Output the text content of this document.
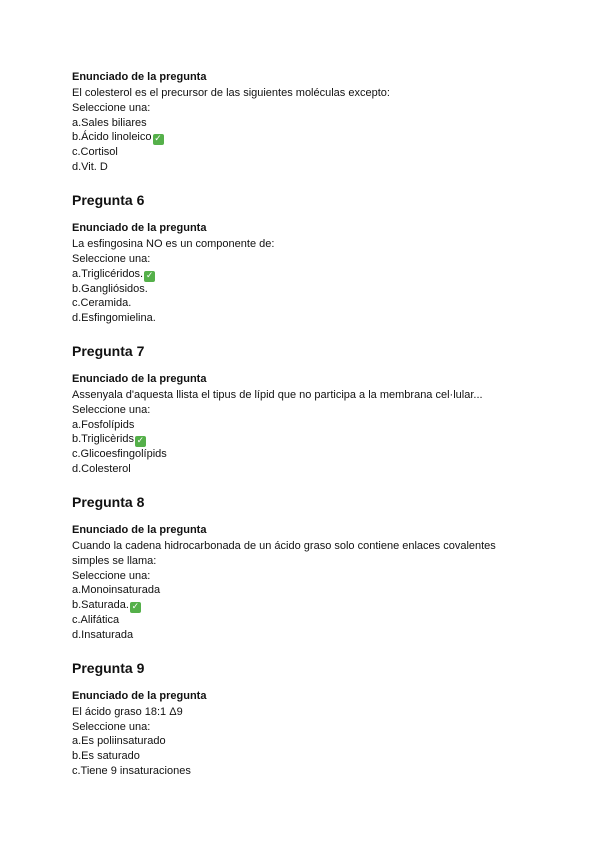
Enunciado de la pregunta
El colesterol es el precursor de las siguientes moléculas excepto:
Seleccione una:
a.Sales biliares
b.Ácido linoleico ✓
c.Cortisol
d.Vit. D
Pregunta 6
Enunciado de la pregunta
La esfingosina NO es un componente de:
Seleccione una:
a.Triglicéridos. ✓
b.Gangliósidos.
c.Ceramida.
d.Esfingomielina.
Pregunta 7
Enunciado de la pregunta
Assenyala d'aquesta llista el tipus de lípid que no participa a la membrana cel·lular...
Seleccione una:
a.Fosfolípids
b.Triglicèrids ✓
c.Glicoesfingolípids
d.Colesterol
Pregunta 8
Enunciado de la pregunta
Cuando la cadena hidrocarbonada de un ácido graso solo contiene enlaces covalentes simples se llama:
Seleccione una:
a.Monoinsaturada
b.Saturada. ✓
c.Alifática
d.Insaturada
Pregunta 9
Enunciado de la pregunta
El ácido graso 18:1 Δ9
Seleccione una:
a.Es poliinsaturado
b.Es saturado
c.Tiene 9 insaturaciones
